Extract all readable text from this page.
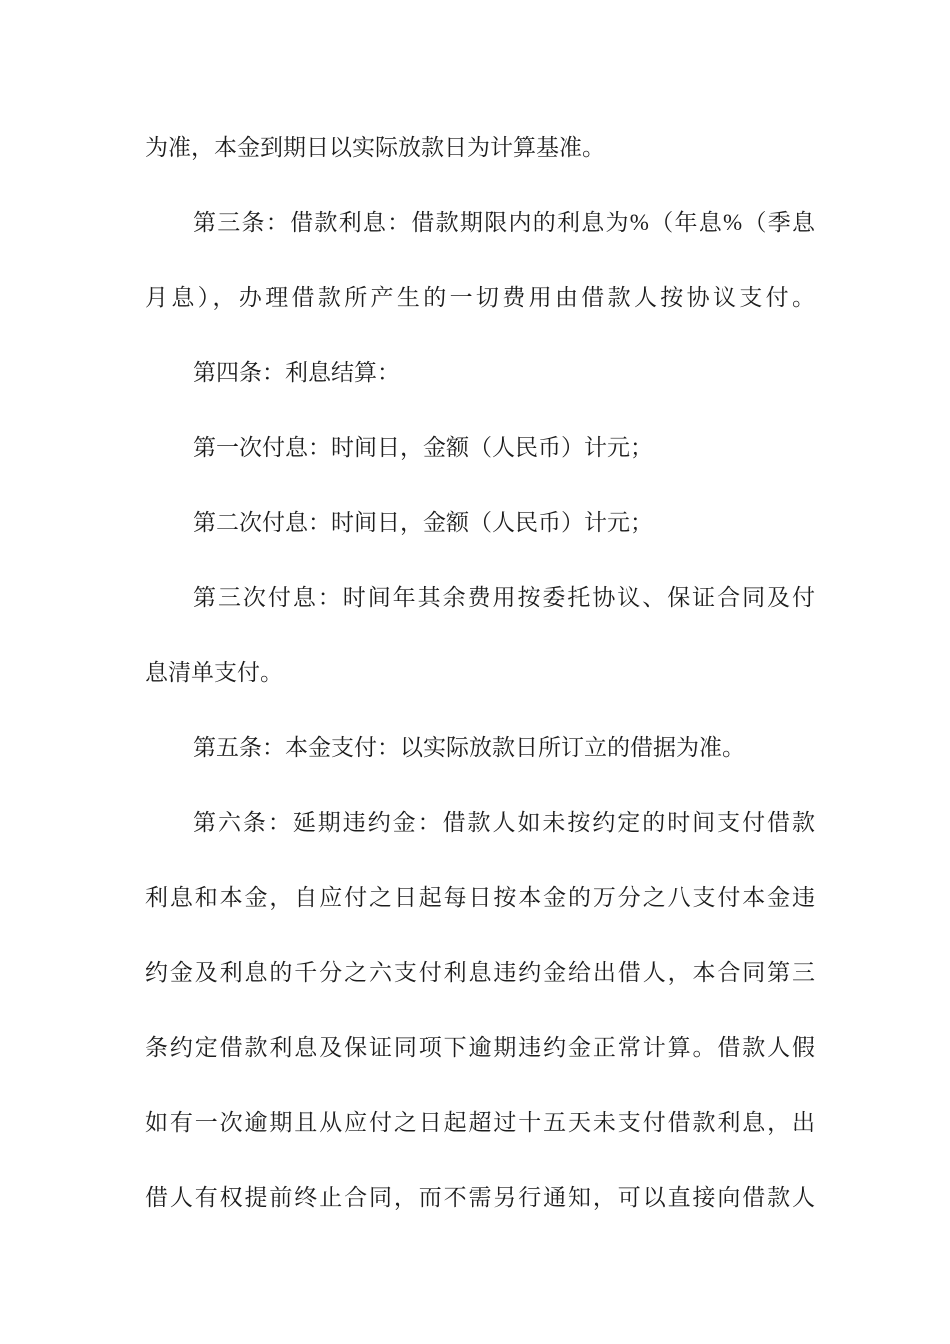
为准，本金到期日以实际放款日为计算基准。
第三条：借款利息：借款期限内的利息为%（年息%（季息
月息），办理借款所产生的一切费用由借款人按协议支付。
第四条：利息结算：
第一次付息：时间日，金额（人民币）计元；
第二次付息：时间日，金额（人民币）计元；
第三次付息：时间年其余费用按委托协议、保证合同及付
息清单支付。
第五条：本金支付：以实际放款日所订立的借据为准。
第六条：延期违约金：借款人如未按约定的时间支付借款
利息和本金，自应付之日起每日按本金的万分之八支付本金违
约金及利息的千分之六支付利息违约金给出借人，本合同第三
条约定借款利息及保证同项下逾期违约金正常计算。借款人假
如有一次逾期且从应付之日起超过十五天未支付借款利息，出
借人有权提前终止合同，而不需另行通知，可以直接向借款人
